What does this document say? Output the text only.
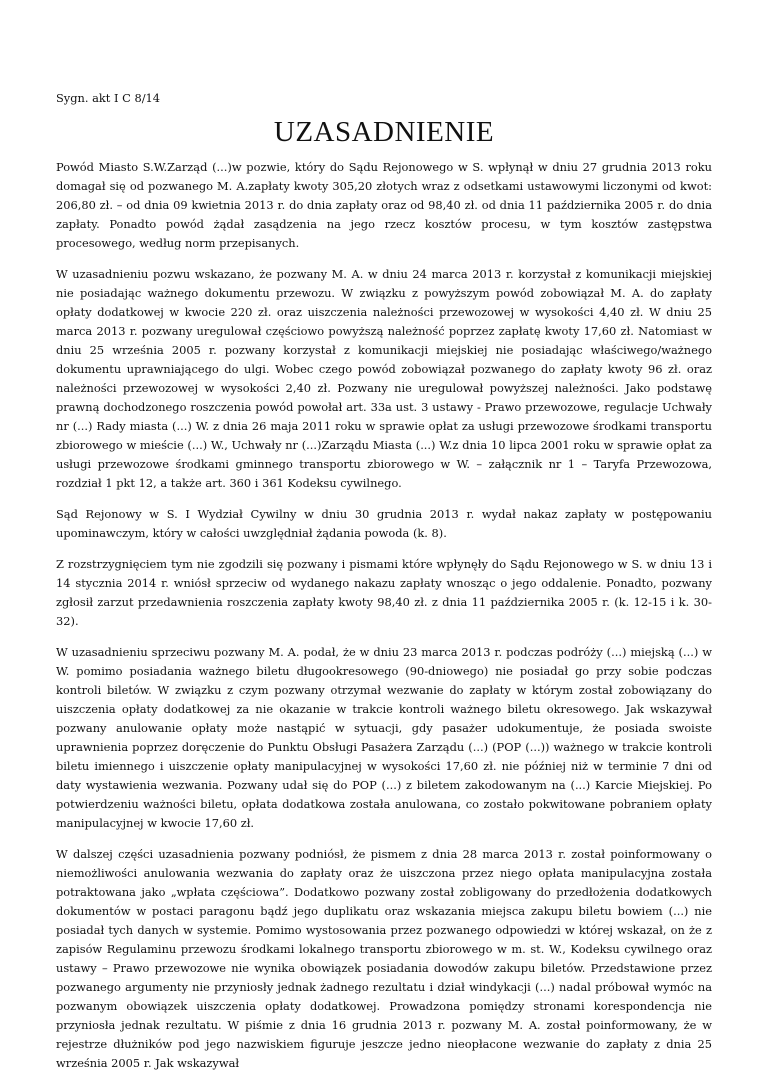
Sygn. akt I C 8/14

UZASADNIENIE

Powód Miasto S.W.Zarząd (...)w pozwie, który do Sądu Rejonowego w S. wpłynął w dniu 27 grudnia 2013 roku domagał się od pozwanego M. A.zapłaty kwoty 305,20 złotych wraz z odsetkami ustawowymi liczonymi od kwot: 206,80 zł. – od dnia 09 kwietnia 2013 r. do dnia zapłaty oraz od 98,40 zł. od dnia 11 października 2005 r. do dnia zapłaty. Ponadto powód żądał zasądzenia na jego rzecz kosztów procesu, w tym kosztów zastępstwa procesowego, według norm przepisanych.

W uzasadnieniu pozwu wskazano, że pozwany M. A. w dniu 24 marca 2013 r. korzystał z komunikacji miejskiej nie posiadając ważnego dokumentu przewozu. W związku z powyższym powód zobowiązał M. A. do zapłaty opłaty dodatkowej w kwocie 220 zł. oraz uiszczenia należności przewozowej w wysokości 4,40 zł. W dniu 25 marca 2013 r. pozwany uregulował częściowo powyższą należność poprzez zapłatę kwoty 17,60 zł. Natomiast w dniu 25 września 2005 r. pozwany korzystał z komunikacji miejskiej nie posiadając właściwego/ważnego dokumentu uprawniającego do ulgi. Wobec czego powód zobowiązał pozwanego do zapłaty kwoty 96 zł. oraz należności przewozowej w wysokości 2,40 zł. Pozwany nie uregulował powyższej należności. Jako podstawę prawną dochodzonego roszczenia powód powołał art. 33a ust. 3 ustawy - Prawo przewozowe, regulacje Uchwały nr (...) Rady miasta (...) W. z dnia 26 maja 2011 roku w sprawie opłat za usługi przewozowe środkami transportu zbiorowego w mieście (...) W., Uchwały nr (...)Zarządu Miasta (...) W.z dnia 10 lipca 2001 roku w sprawie opłat za usługi przewozowe środkami gminnego transportu zbiorowego w W. – załącznik nr 1 – Taryfa Przewozowa, rozdział 1 pkt 12, a także art. 360 i 361 Kodeksu cywilnego.

Sąd Rejonowy w S. I Wydział Cywilny w dniu 30 grudnia 2013 r. wydał nakaz zapłaty w postępowaniu upominawczym, który w całości uwzględniał żądania powoda (k. 8).

Z rozstrzygnięciem tym nie zgodzili się pozwany i pismami które wpłynęły do Sądu Rejonowego w S. w dniu 13 i 14 stycznia 2014 r. wniósł sprzeciw od wydanego nakazu zapłaty wnosząc o jego oddalenie. Ponadto, pozwany zgłosił zarzut przedawnienia roszczenia zapłaty kwoty 98,40 zł. z dnia 11 października 2005 r. (k. 12-15 i k. 30-32).

W uzasadnieniu sprzeciwu pozwany M. A. podał, że w dniu 23 marca 2013 r. podczas podróży (...) miejską (...) w W. pomimo posiadania ważnego biletu długookresowego (90-dniowego) nie posiadał go przy sobie podczas kontroli biletów. W związku z czym pozwany otrzymał wezwanie do zapłaty w którym został zobowiązany do uiszczenia opłaty dodatkowej za nie okazanie w trakcie kontroli ważnego biletu okresowego. Jak wskazywał pozwany anulowanie opłaty może nastąpić w sytuacji, gdy pasażer udokumentuje, że posiada swoiste uprawnienia poprzez doręczenie do Punktu Obsługi Pasażera Zarządu (...) (POP (...)) ważnego w trakcie kontroli biletu imiennego i uiszczenie opłaty manipulacyjnej w wysokości 17,60 zł. nie później niż w terminie 7 dni od daty wystawienia wezwania. Pozwany udał się do POP (...) z biletem zakodowanym na (...) Karcie Miejskiej. Po potwierdzeniu ważności biletu, opłata dodatkowa została anulowana, co zostało pokwitowane pobraniem opłaty manipulacyjnej w kwocie 17,60 zł.

W dalszej części uzasadnienia pozwany podniósł, że pismem z dnia 28 marca 2013 r. został poinformowany o niemożliwości anulowania wezwania do zapłaty oraz że uiszczona przez niego opłata manipulacyjna została potraktowana jako „wpłata częściowa”. Dodatkowo pozwany został zobligowany do przedłożenia dodatkowych dokumentów w postaci paragonu bądź jego duplikatu oraz wskazania miejsca zakupu biletu bowiem (...) nie posiadał tych danych w systemie. Pomimo wystosowania przez pozwanego odpowiedzi w której wskazał, on że z zapisów Regulaminu przewozu środkami lokalnego transportu zbiorowego w m. st. W., Kodeksu cywilnego oraz ustawy – Prawo przewozowe nie wynika obowiązek posiadania dowodów zakupu biletów. Przedstawione przez pozwanego argumenty nie przyniosły jednak żadnego rezultatu i dział windykacji (...) nadal próbował wymóc na pozwanym obowiązek uiszczenia opłaty dodatkowej. Prowadzona pomiędzy stronami korespondencja nie przyniosła jednak rezultatu. W piśmie z dnia 16 grudnia 2013 r. pozwany M. A. został poinformowany, że w rejestrze dłużników pod jego nazwiskiem figuruje jeszcze jedno nieopłacone wezwanie do zapłaty z dnia 25 września 2005 r. Jak wskazywał
